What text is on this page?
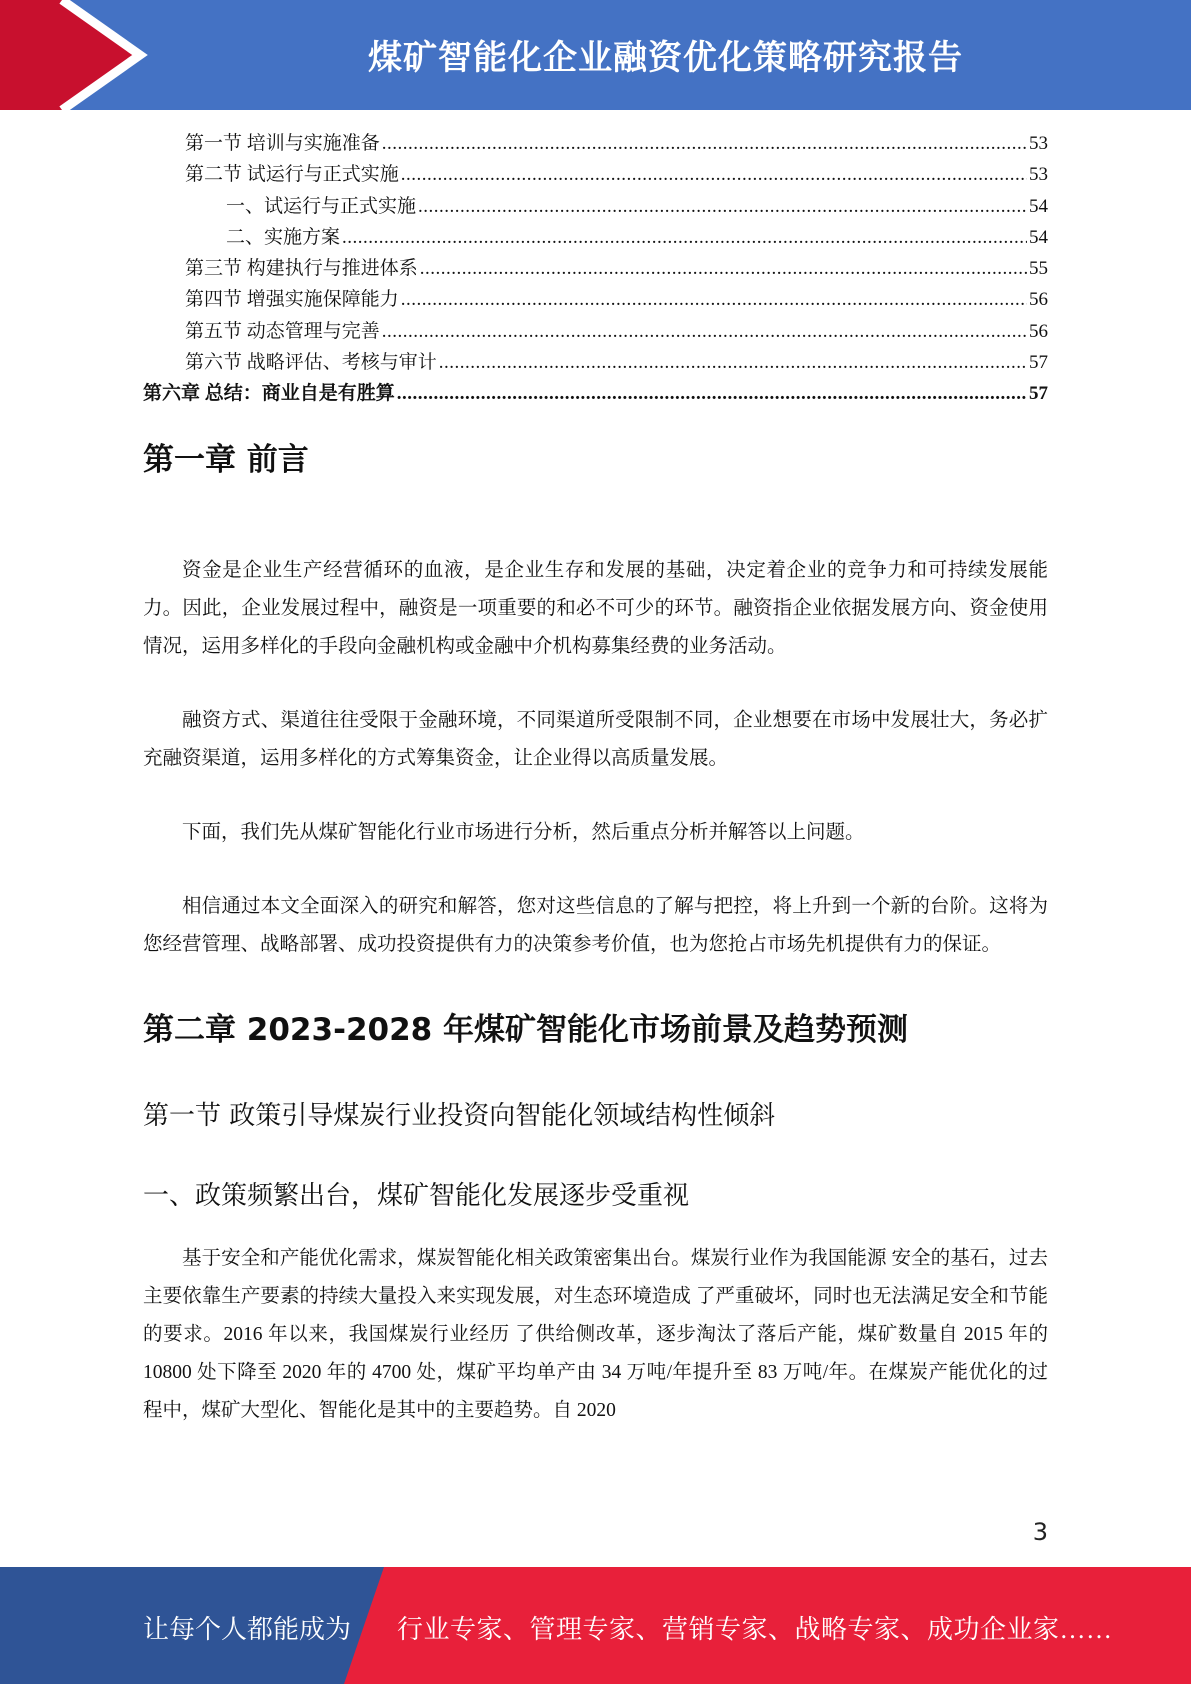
煤矿智能化企业融资优化策略研究报告
第一节 培训与实施准备 .....	53
第二节 试运行与正式实施 .....	53
一、试运行与正式实施 .....	54
二、实施方案 .....	54
第三节 构建执行与推进体系 .....	55
第四节 增强实施保障能力 .....	56
第五节 动态管理与完善 .....	56
第六节 战略评估、考核与审计 .....	57
第六章 总结：商业自是有胜算 .....	57
第一章 前言

资金是企业生产经营循环的血液，是企业生存和发展的基础，决定着企业的竞争力和可持续发展能力。因此，企业发展过程中，融资是一项重要的和必不可少的环节。融资指企业依据发展方向、资金使用情况，运用多样化的手段向金融机构或金融中介机构募集经费的业务活动。

融资方式、渠道往往受限于金融环境，不同渠道所受限制不同，企业想要在市场中发展壮大，务必扩充融资渠道，运用多样化的方式筹集资金，让企业得以高质量发展。

下面，我们先从煤矿智能化行业市场进行分析，然后重点分析并解答以上问题。

相信通过本文全面深入的研究和解答，您对这些信息的了解与把控，将上升到一个新的台阶。这将为您经营管理、战略部署、成功投资提供有力的决策参考价值，也为您抢占市场先机提供有力的保证。

第二章 2023-2028 年煤矿智能化市场前景及趋势预测
第一节 政策引导煤炭行业投资向智能化领域结构性倾斜
一、政策频繁出台，煤矿智能化发展逐步受重视

基于安全和产能优化需求，煤炭智能化相关政策密集出台。煤炭行业作为我国能源 安全的基石，过去主要依靠生产要素的持续大量投入来实现发展，对生态环境造成 了严重破坏，同时也无法满足安全和节能的要求。2016 年以来，我国煤炭行业经历 了供给侧改革，逐步淘汰了落后产能，煤矿数量自 2015 年的 10800 处下降至 2020 年的 4700 处，煤矿平均单产由 34 万吨/年提升至 83 万吨/年。在煤炭产能优化的过 程中，煤矿大型化、智能化是其中的主要趋势。自 2020

3
让每个人都能成为 行业专家、管理专家、营销专家、战略专家、成功企业家……
